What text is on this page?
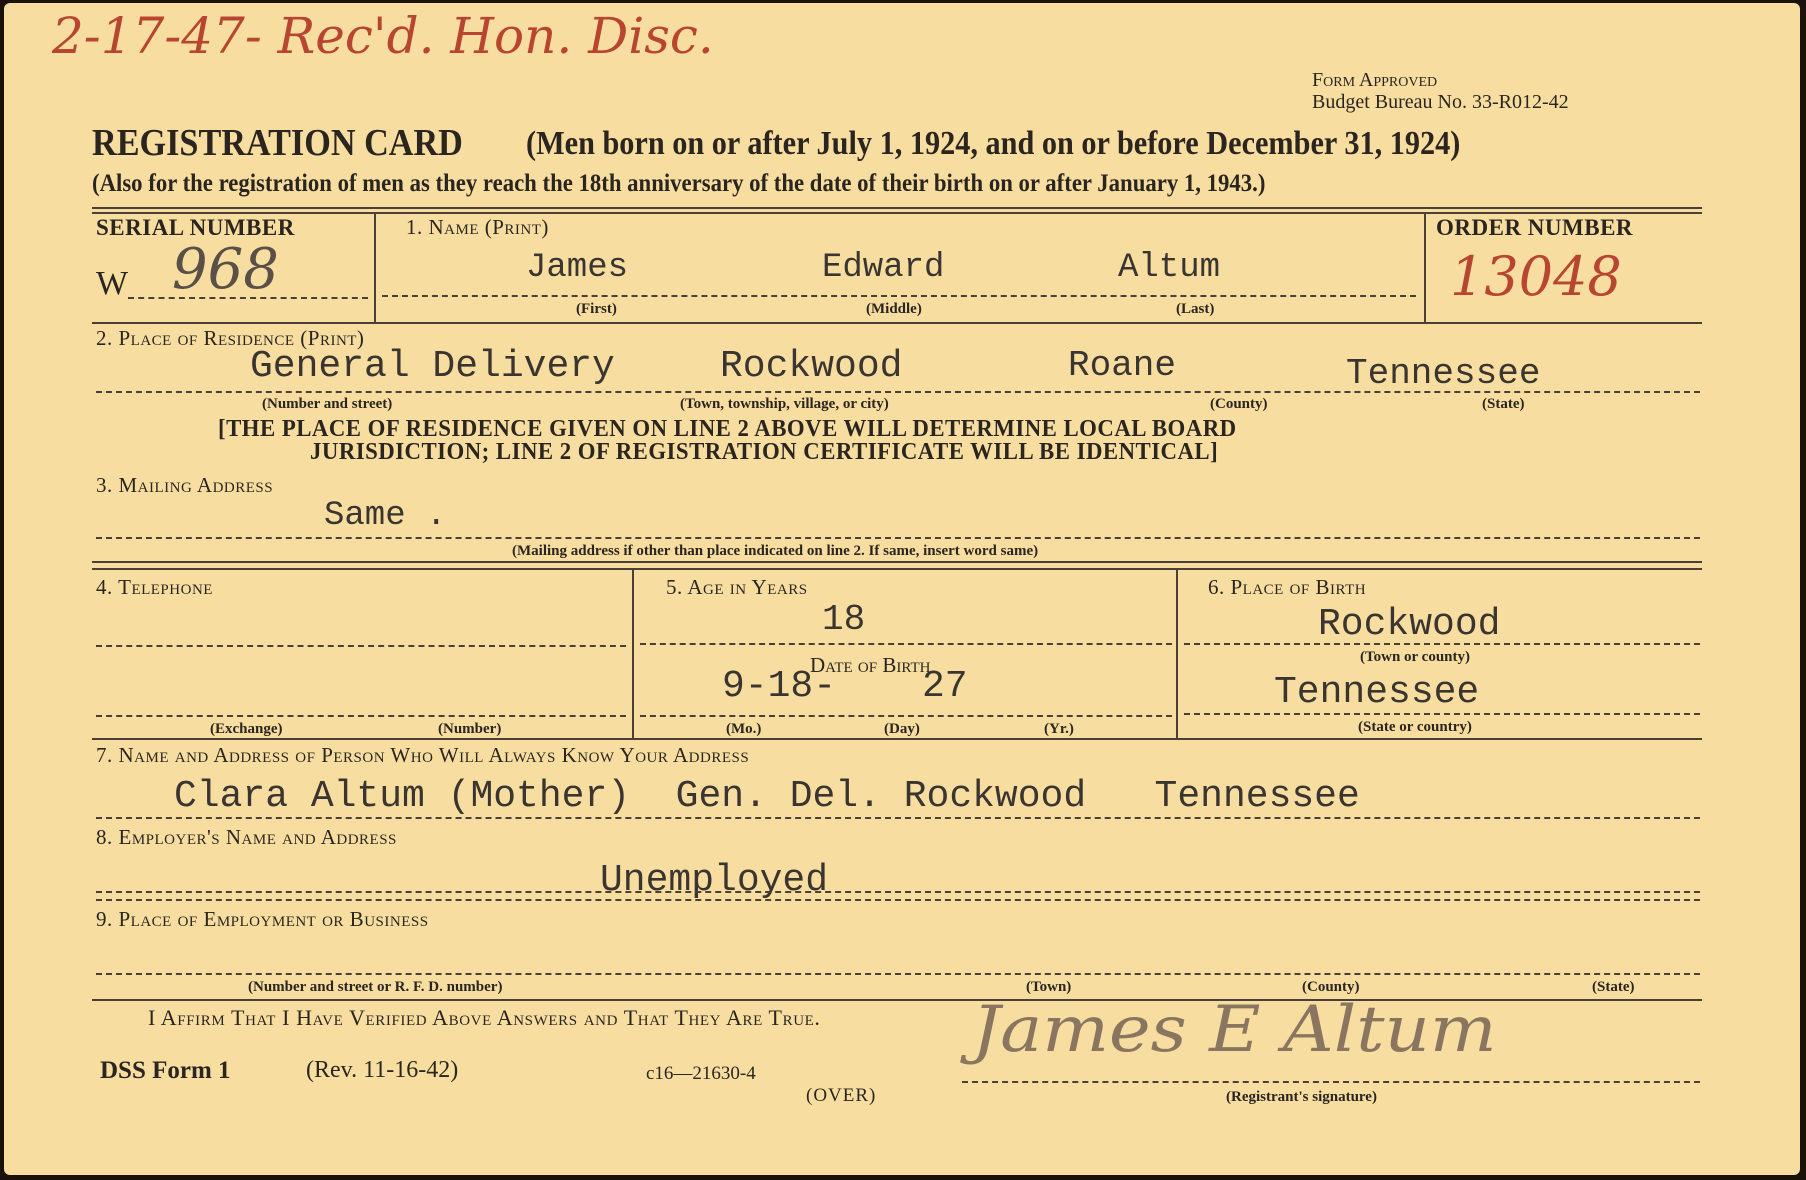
2-17-47- Rec'd. Hon. Disc.
Form Approved
Budget Bureau No. 33-R012-42
REGISTRATION CARD (Men born on or after July 1, 1924, and on or before December 31, 1924)
(Also for the registration of men as they reach the 18th anniversary of the date of their birth on or after January 1, 1943.)
SERIAL NUMBER
W 968
1. Name (Print)
James	Edward	Altum
(First)	(Middle)	(Last)
ORDER NUMBER
13048
2. Place of Residence (Print)
General Delivery	Rockwood	Roane	Tennessee
(Number and street)	(Town, township, village, or city)	(County)	(State)
[THE PLACE OF RESIDENCE GIVEN ON LINE 2 ABOVE WILL DETERMINE LOCAL BOARD
JURISDICTION; LINE 2 OF REGISTRATION CERTIFICATE WILL BE IDENTICAL]
3. Mailing Address
Same .
(Mailing address if other than place indicated on line 2. If same, insert word same)
4. Telephone
(Exchange)	(Number)
5. Age in Years
18
Date of Birth
9-18- 27
(Mo.)	(Day)	(Yr.)
6. Place of Birth
Rockwood
(Town or county)
Tennessee
(State or country)
7. Name and Address of Person Who Will Always Know Your Address
Clara Altum (Mother)  Gen. Del. Rockwood   Tennessee
8. Employer's Name and Address
Unemployed
9. Place of Employment or Business
(Number and street or R. F. D. number)	(Town)	(County)	(State)
I Affirm That I Have Verified Above Answers and That They Are True.
DSS Form 1	(Rev. 11-16-42)	c16—21630-4
(OVER)
James E Altum
(Registrant's signature)
